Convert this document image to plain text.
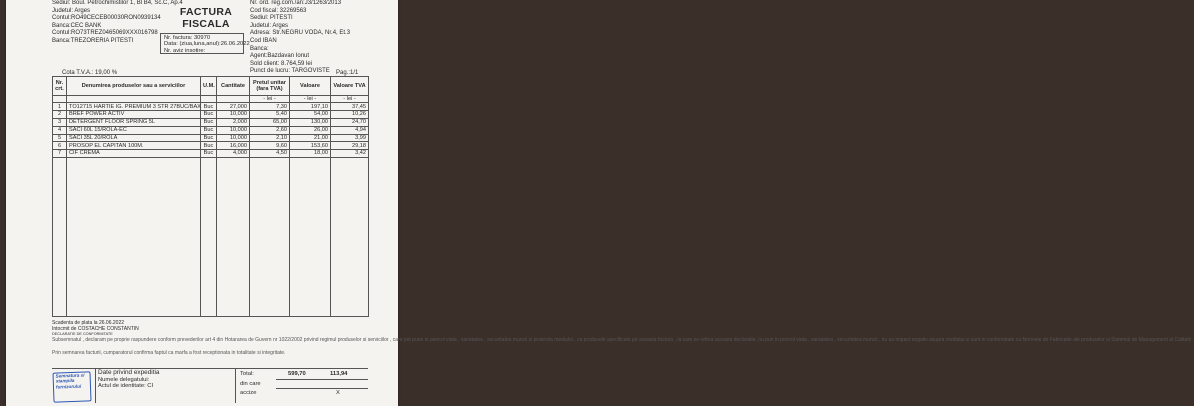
Sediul: Boul. Petrochimistilor 1, Bl B4, Sc.C, Ap.4
Judetul: Arges
Contul:RO49CECEB00030RON0939134
Banca:CEC BANK
Contul:RO73TREZ0465069XXX016798
Banca:TREZORERIA PITESTI
FACTURA
FISCALA
Nr. factura: 30970
Data: (ziua,luna,anul):26.06.2022
Nr. aviz insotire:
Nr. ord. reg.com./an:J3/1263/2013
Cod fiscal: 32269563
Sediul: PITESTI
Judetul: Arges
Adresa: Str.NEGRU VODA, Nr.4, Et.3
Cod IBAN
Banca:
Agent:Bazdavan Ionut
Sold client: 8.764,59 lei
Punct de lucru: TARGOVISTE
Cota T.V.A.: 19,00 %	Pag.:1/1
Nr. crt.	Denumirea produselor sau a serviciilor	U.M.	Cantitate	Pretul unitar (fara TVA)	Valoare	Valoare TVA
				- lei -	- lei -	- lei -
1	TO12715 HARTIE IG. PREMIUM 3 STR 27BUC/BAX	Buc	27,000	7,30	197,10	37,45
2	BREF POWER ACTIV	Buc	10,000	5,40	54,00	10,26
3	DETERGENT FLOOR SPRING 5L	Buc	2,000	65,00	130,00	24,70
4	SACI 60L 15/ROLA-EC	Buc	10,000	2,60	26,00	4,94
5	SACI 35L 20/ROLA	Buc	10,000	2,10	21,00	3,99
6	PROSOP EL CAPITAN 100M.	Buc	16,000	9,60	153,60	29,18
7	CIF CREMA	Buc	4,000	4,50	18,00	3,42

Scadenta de plata la 26.06.2022
Intocmit de COSTACHE CONSTANTIN
DECLARATIE DE CONFORMITATE
Subsemnatul , declaram pe proprie raspundere conform prevederilor art 4 din Hotararea de Guvern nr 1022/2002 privind regimul produselor si serviciilor , care pot pune in pericol viata , sanatatea , securitatea muncii si protectia mediului , ca produsele specificate pe aceasta factura , la care se refera aceasta declaratie, nu pun in pericol viata , sanatatea , securitatea muncii , nu au impact negativ asupra mediului si sunt in conformitate cu Normele de Fabricatie ale produselor si Sistemul de Management al Calitatii .
Prin semnarea facturii, cumparatorul confirma faptul ca marfa a fost receptionata in totalitate si integritate.
Semnatura si stampila furnizorului
Date privind expeditia
Numele delegatului:
Actul de identitate: CI
Total:
din care
accize
599,70	113,94
X
